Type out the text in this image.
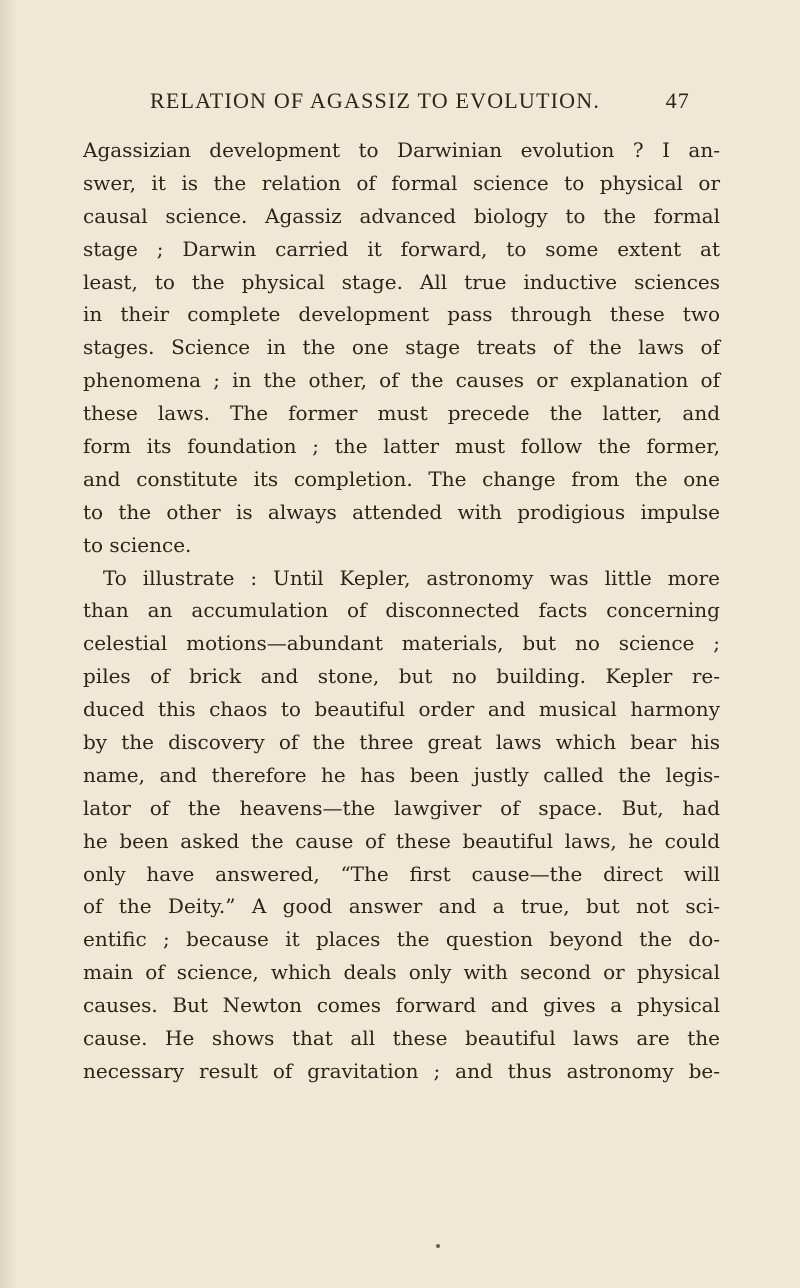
RELATION OF AGASSIZ TO EVOLUTION.	47
Agassizian development to Darwinian evolution ? I an-
swer, it is the relation of formal science to physical or
causal science. Agassiz advanced biology to the formal
stage ; Darwin carried it forward, to some extent at
least, to the physical stage. All true inductive sciences
in their complete development pass through these two
stages. Science in the one stage treats of the laws of
phenomena ; in the other, of the causes or explanation of
these laws. The former must precede the latter, and
form its foundation ; the latter must follow the former,
and constitute its completion. The change from the one
to the other is always attended with prodigious impulse
to science.
To illustrate : Until Kepler, astronomy was little more
than an accumulation of disconnected facts concerning
celestial motions—abundant materials, but no science ;
piles of brick and stone, but no building. Kepler re-
duced this chaos to beautiful order and musical harmony
by the discovery of the three great laws which bear his
name, and therefore he has been justly called the legis-
lator of the heavens—the lawgiver of space. But, had
he been asked the cause of these beautiful laws, he could
only have answered, “The first cause—the direct will
of the Deity.” A good answer and a true, but not sci-
entific ; because it places the question beyond the do-
main of science, which deals only with second or physical
causes. But Newton comes forward and gives a physical
cause. He shows that all these beautiful laws are the
necessary result of gravitation ; and thus astronomy be-
